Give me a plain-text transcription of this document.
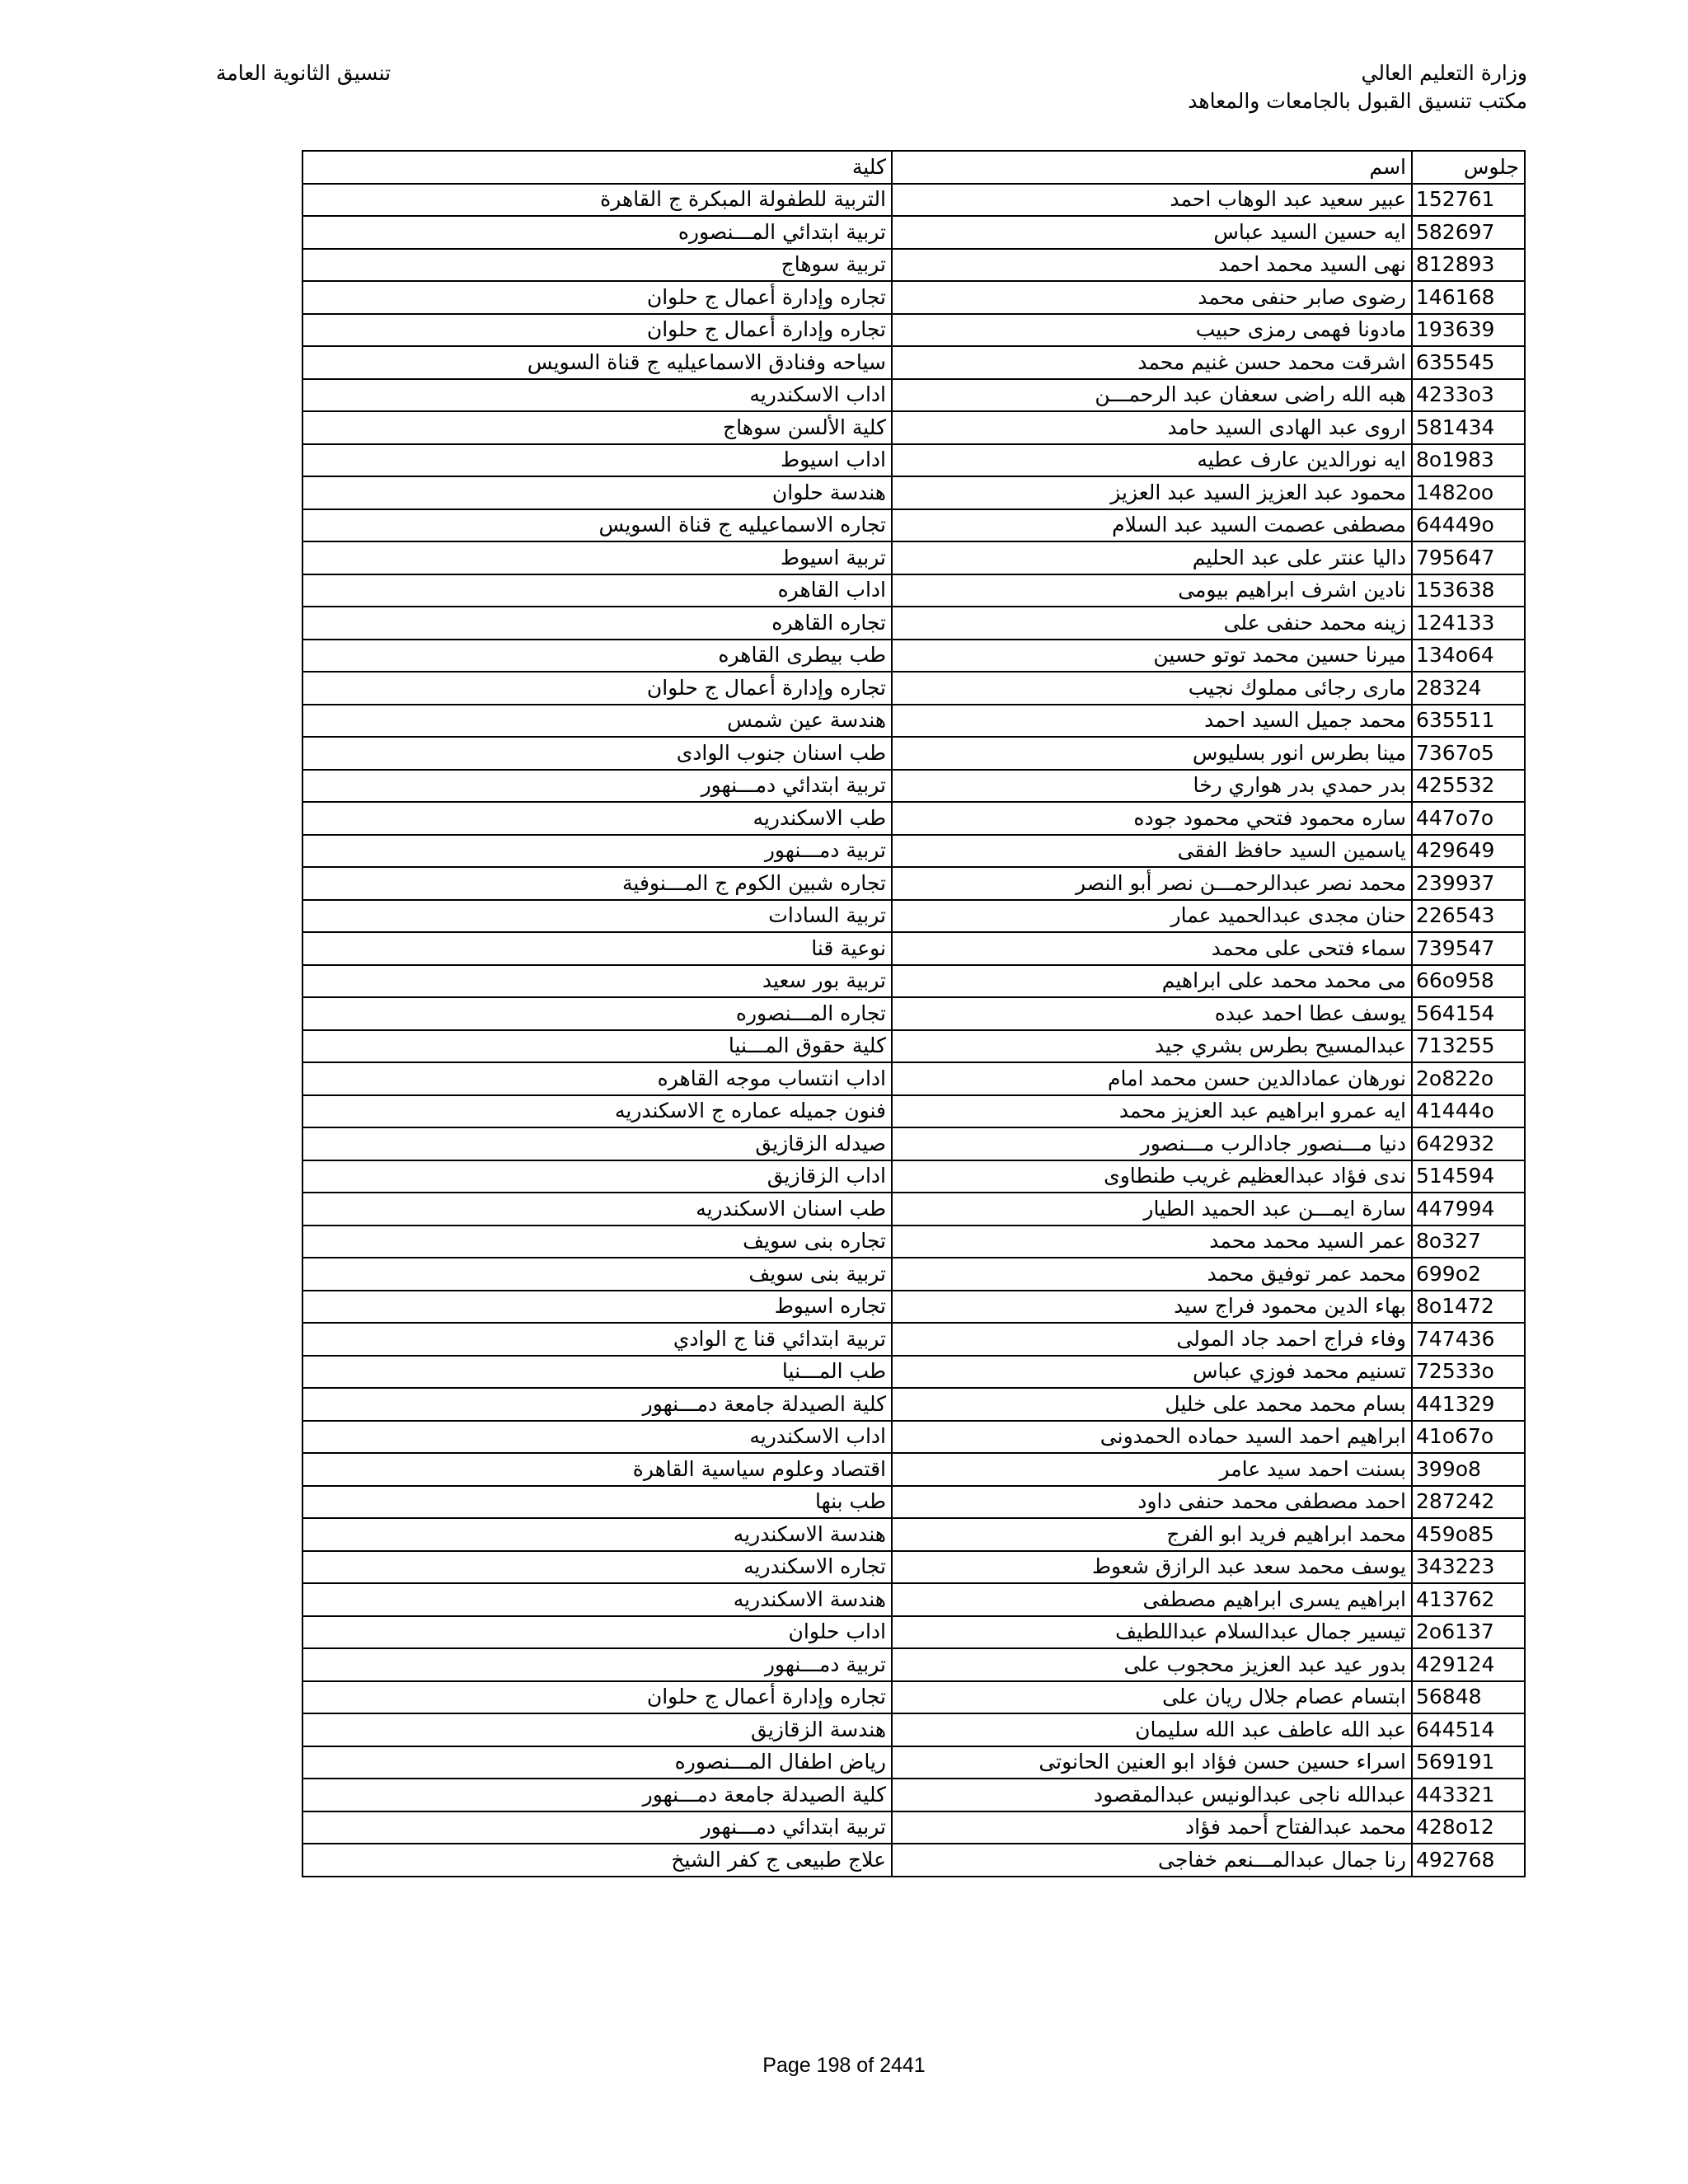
وزارة التعليم العالي
مكتب تنسيق القبول بالجامعات والمعاهد
تنسيق الثانوية العامة
جلوس	اسم	كلية
152761	عبير سعيد عبد الوهاب احمد	التربية للطفولة المبكرة ج القاهرة
582697	ايه حسين السيد عباس	تربية ابتدائي المـــنصوره
812893	نهى السيد محمد احمد	تربية سوهاج
146168	رضوى صابر حنفى محمد	تجاره وإدارة أعمال ج حلوان
193639	مادونا فهمى رمزى حبيب	تجاره وإدارة أعمال ج حلوان
635545	اشرقت محمد حسن غنيم محمد	سياحه وفنادق الاسماعيليه ج قناة السويس
4233o3	هبه الله راضى سعفان عبد الرحمـــن	اداب الاسكندريه
581434	اروى عبد الهادى السيد حامد	كلية الألسن سوهاج
8o1983	ايه نورالدين عارف عطيه	اداب اسيوط
1482oo	محمود عبد العزيز السيد عبد العزيز	هندسة حلوان
64449o	مصطفى عصمت السيد عبد السلام	تجاره الاسماعيليه ج قناة السويس
795647	داليا عنتر على عبد الحليم	تربية اسيوط
153638	نادين اشرف ابراهيم بيومى	اداب القاهره
124133	زينه محمد حنفى على	تجاره القاهره
134o64	ميرنا حسين محمد توتو حسين	طب بيطرى القاهره
28324	مارى رجائى مملوك نجيب	تجاره وإدارة أعمال ج حلوان
635511	محمد جميل السيد احمد	هندسة عين شمس
7367o5	مينا بطرس انور بسليوس	طب اسنان جنوب الوادى
425532	بدر حمدي بدر هواري رخا	تربية ابتدائي دمـــنهور
447o7o	ساره محمود فتحي محمود جوده	طب الاسكندريه
429649	ياسمين السيد حافظ الفقى	تربية دمـــنهور
239937	محمد نصر عبدالرحمـــن نصر أبو النصر	تجاره شبين الكوم ج المـــنوفية
226543	حنان مجدى عبدالحميد عمار	تربية السادات
739547	سماء فتحى على محمد	نوعية قنا
66o958	مى محمد محمد على ابراهيم	تربية بور سعيد
564154	يوسف عطا احمد عبده	تجاره المـــنصوره
713255	عبدالمسيح بطرس بشري جيد	كلية حقوق المـــنيا
2o822o	نورهان عمادالدين حسن محمد امام	اداب انتساب موجه القاهره
41444o	ايه عمرو ابراهيم عبد العزيز محمد	فنون جميله عماره ج الاسكندريه
642932	دنيا مـــنصور جادالرب مـــنصور	صيدله الزقازيق
514594	ندى فؤاد عبدالعظيم غريب طنطاوى	اداب الزقازيق
447994	سارة ايمـــن عبد الحميد الطيار	طب اسنان الاسكندريه
8o327	عمر السيد محمد محمد	تجاره بنى سويف
699o2	محمد عمر توفيق محمد	تربية بنى سويف
8o1472	بهاء الدين محمود فراج سيد	تجاره اسيوط
747436	وفاء فراج احمد جاد المولى	تربية ابتدائي قنا ج الوادي
72533o	تسنيم محمد فوزي عباس	طب المـــنيا
441329	بسام محمد محمد على خليل	كلية الصيدلة جامعة دمـــنهور
41o67o	ابراهيم احمد السيد حماده الحمدونى	اداب الاسكندريه
399o8	بسنت احمد سيد عامر	اقتصاد وعلوم سياسية القاهرة
287242	احمد مصطفى محمد حنفى داود	طب بنها
459o85	محمد ابراهيم فريد ابو الفرج	هندسة الاسكندريه
343223	يوسف محمد سعد عبد الرازق شعوط	تجاره الاسكندريه
413762	ابراهيم يسرى ابراهيم مصطفى	هندسة الاسكندريه
2o6137	تيسير جمال عبدالسلام عبداللطيف	اداب حلوان
429124	بدور عيد عبد العزيز محجوب على	تربية دمـــنهور
56848	ابتسام عصام جلال ريان على	تجاره وإدارة أعمال ج حلوان
644514	عبد الله عاطف عبد الله سليمان	هندسة الزقازيق
569191	اسراء حسين حسن فؤاد ابو العنين الحانوتى	رياض اطفال المـــنصوره
443321	عبدالله ناجى عبدالونيس عبدالمقصود	كلية الصيدلة جامعة دمـــنهور
428o12	محمد عبدالفتاح أحمد فؤاد	تربية ابتدائي دمـــنهور
492768	رنا جمال عبدالمـــنعم خفاجى	علاج طبيعى ج كفر الشيخ
Page 198 of 2441
